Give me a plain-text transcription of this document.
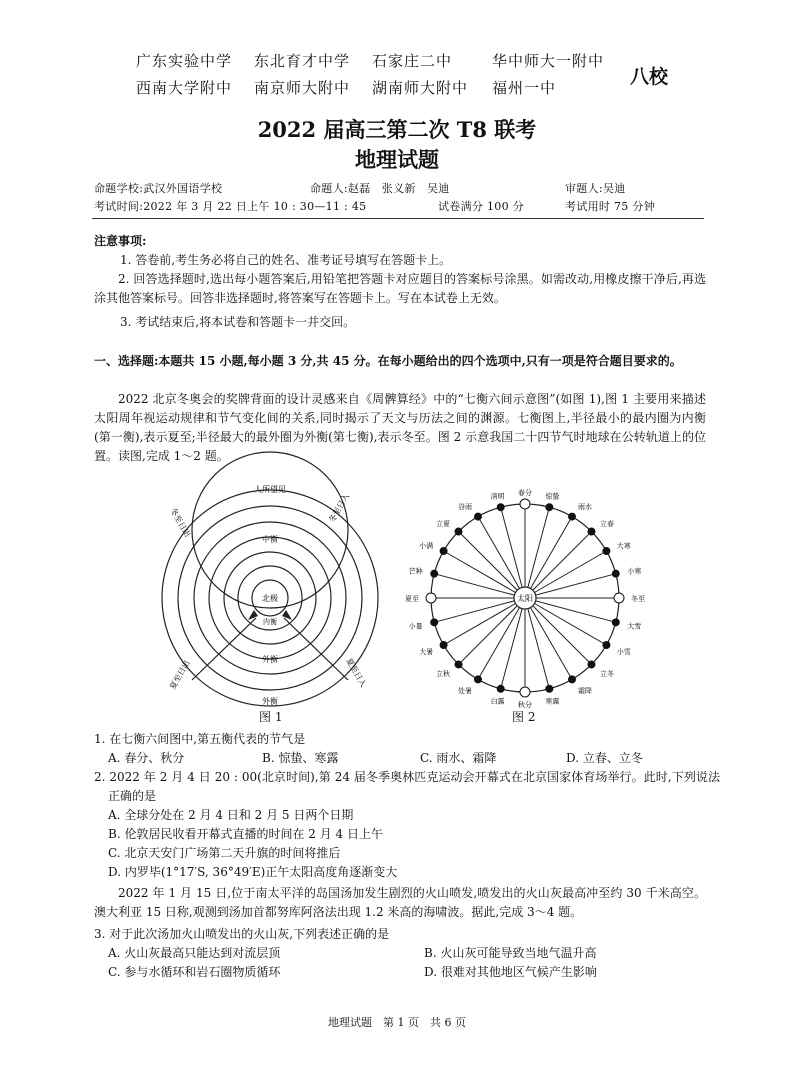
广东实验中学 东北育才中学 石家庄二中	华中师大一附中
西南大学附中 南京师大附中 湖南师大附中 福州一中	八校
2022 届高三第二次 T8 联考
地理试题
命题学校:武汉外国语学校	命题人:赵磊　张义新　吴迪	审题人:吴迪
考试时间:2022 年 3 月 22 日上午 10 : 30—11 : 45	试卷满分 100 分	考试用时 75 分钟
注意事项:
1. 答卷前,考生务必将自己的姓名、准考证号填写在答题卡上。
2. 回答选择题时,选出每小题答案后,用铅笔把答题卡对应题目的答案标号涂黑。如需改动,用橡皮擦干净后,再选涂其他答案标号。回答非选择题时,将答案写在答题卡上。写在本试卷上无效。
3. 考试结束后,将本试卷和答题卡一并交回。
一、选择题:本题共 15 小题,每小题 3 分,共 45 分。在每小题给出的四个选项中,只有一项是符合题目要求的。
2022 北京冬奥会的奖牌背面的设计灵感来自《周髀算经》中的“七衡六间示意图”(如图 1),图 1 主要用来描述太阳周年视运动规律和节气变化间的关系,同时揭示了天文与历法之间的渊源。七衡图上,半径最小的最内圈为内衡(第一衡),表示夏至;半径最大的最外圈为外衡(第七衡),表示冬至。图 2 示意我国二十四节气时地球在公转轨道上的位置。读图,完成 1～2 题。
人所望见
冬至日出	冬至日入
中衡
北极
内衡
外衡
外衡
夏至日出	夏至日入
图 1
太阳
秋分 寒露
霜降
立冬
小雪
大雪
冬至
小寒
大寒
立春
雨水
惊蛰
春分
清明
谷雨
立夏
小满
芒种
夏至
小暑
大暑
立秋
处暑
白露
图 2
1. 在七衡六间图中,第五衡代表的节气是
A. 春分、秋分	B. 惊蛰、寒露	C. 雨水、霜降	D. 立春、立冬
2. 2022 年 2 月 4 日 20 : 00(北京时间),第 24 届冬季奥林匹克运动会开幕式在北京国家体育场举行。此时,下列说法正确的是
A. 全球分处在 2 月 4 日和 2 月 5 日两个日期
B. 伦敦居民收看开幕式直播的时间在 2 月 4 日上午
C. 北京天安门广场第二天升旗的时间将推后
D. 内罗毕(1°17′S, 36°49′E)正午太阳高度角逐渐变大
2022 年 1 月 15 日,位于南太平洋的岛国汤加发生剧烈的火山喷发,喷发出的火山灰最高冲至约 30 千米高空。澳大利亚 15 日称,观测到汤加首都努库阿洛法出现 1.2 米高的海啸波。据此,完成 3～4 题。
3. 对于此次汤加火山喷发出的火山灰,下列表述正确的是
A. 火山灰最高只能达到对流层顶	B. 火山灰可能导致当地气温升高
C. 参与水循环和岩石圈物质循环	D. 很难对其他地区气候产生影响
地理试题　第 1 页　共 6 页
